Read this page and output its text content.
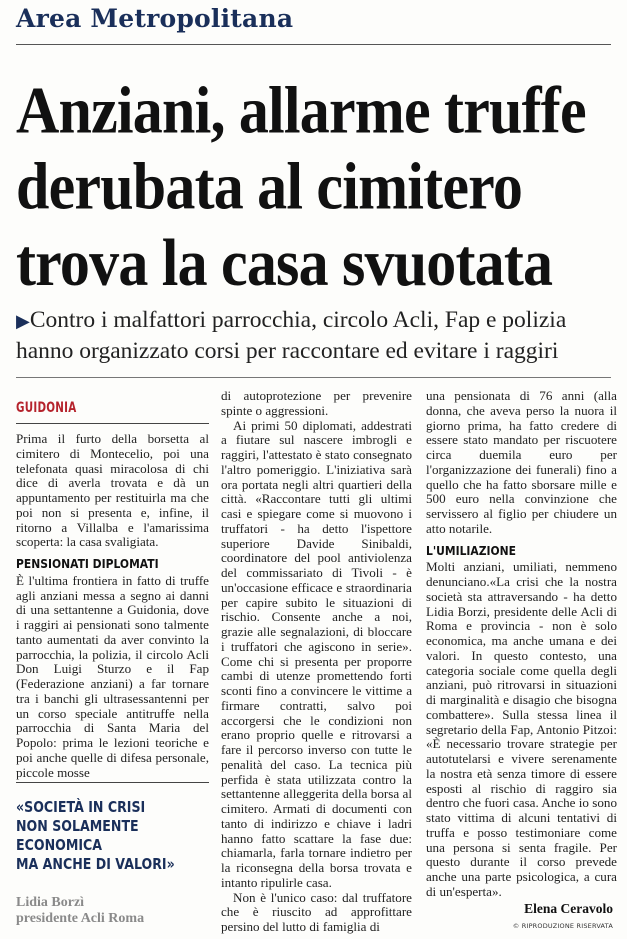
Area Metropolitana
Anziani, allarme truffe
derubata al cimitero
trova la casa svuotata
▶Contro i malfattori parrocchia, circolo Acli, Fap e polizia hanno organizzato corsi per raccontare ed evitare i raggiri
GUIDONIA

Prima il furto della borsetta al cimitero di Montecelio, poi una telefonata quasi miracolosa di chi dice di averla trovata e dà un appuntamento per restituirla ma che poi non si presenta e, infine, il ritorno a Villalba e l'amarissima scoperta: la casa svaligiata.

PENSIONATI DIPLOMATI

È l'ultima frontiera in fatto di truffe agli anziani messa a segno ai danni di una settantenne a Guidonia, dove i raggiri ai pensionati sono talmente tanto aumentati da aver convinto la parrocchia, la polizia, il circolo Acli Don Luigi Sturzo e il Fap (Federazione anziani) a far tornare tra i banchi gli ultrasessantenni per un corso speciale antitruffe nella parrocchia di Santa Maria del Popolo: prima le lezioni teoriche e poi anche quelle di difesa personale, piccole mosse

«SOCIETÀ IN CRISI
NON SOLAMENTE
ECONOMICA
MA ANCHE DI VALORI»
Lidia Borzì
presidente Acli Roma

di autoprotezione per prevenire spinte o aggressioni.

Ai primi 50 diplomati, addestrati a fiutare sul nascere imbrogli e raggiri, l'attestato è stato consegnato l'altro pomeriggio. L'iniziativa sarà ora portata negli altri quartieri della città. «Raccontare tutti gli ultimi casi e spiegare come si muovono i truffatori - ha detto l'ispettore superiore Davide Sinibaldi, coordinatore del pool antiviolenza del commissariato di Tivoli - è un'occasione efficace e straordinaria per capire subito le situazioni di rischio. Consente anche a noi, grazie alle segnalazioni, di bloccare i truffatori che agiscono in serie». Come chi si presenta per proporre cambi di utenze promettendo forti sconti fino a convincere le vittime a firmare contratti, salvo poi accorgersi che le condizioni non erano proprio quelle e ritrovarsi a fare il percorso inverso con tutte le penalità del caso. La tecnica più perfida è stata utilizzata contro la settantenne alleggerita della borsa al cimitero. Armati di documenti con tanto di indirizzo e chiave i ladri hanno fatto scattare la fase due: chiamarla, farla tornare indietro per la riconsegna della borsa trovata e intanto ripulirle casa.

Non è l'unico caso: dal truffatore che è riuscito ad approfittare persino del lutto di famiglia di

una pensionata di 76 anni (alla donna, che aveva perso la nuora il giorno prima, ha fatto credere di essere stato mandato per riscuotere circa duemila euro per l'organizzazione dei funerali) fino a quello che ha fatto sborsare mille e 500 euro nella convinzione che servissero al figlio per chiudere un atto notarile.

L'UMILIAZIONE

Molti anziani, umiliati, nemmeno denunciano.«La crisi che la nostra società sta attraversando - ha detto Lidia Borzi, presidente delle Acli di Roma e provincia - non è solo economica, ma anche umana e dei valori. In questo contesto, una categoria sociale come quella degli anziani, può ritrovarsi in situazioni di marginalità e disagio che bisogna combattere». Sulla stessa linea il segretario della Fap, Antonio Pitzoi: «È necessario trovare strategie per autotutelarsi e vivere serenamente la nostra età senza timore di essere esposti al rischio di raggiro sia dentro che fuori casa. Anche io sono stato vittima di alcuni tentativi di truffa e posso testimoniare come una persona si senta fragile. Per questo durante il corso prevede anche una parte psicologica, a cura di un'esperta».

Elena Ceravolo
© RIPRODUZIONE RISERVATA
